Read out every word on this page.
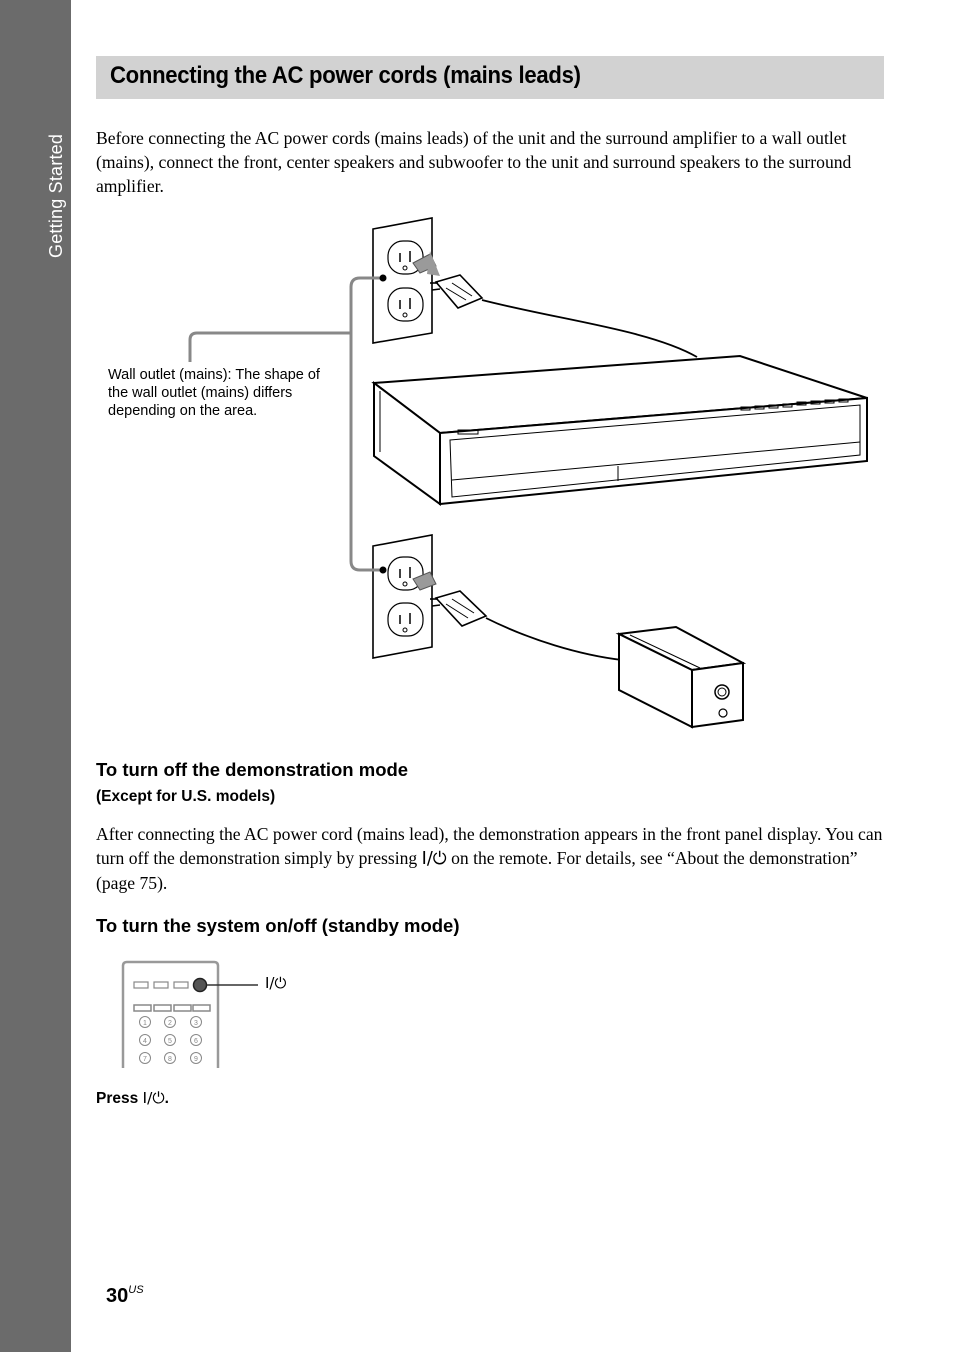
Getting Started
Connecting the AC power cords (mains leads)

Before connecting the AC power cords (mains leads) of the unit and the surround amplifier to a wall outlet (mains), connect the front, center speakers and subwoofer to the unit and surround speakers to the surround amplifier.

Wall outlet (mains): The shape of the wall outlet (mains) differs depending on the area.
To turn off the demonstration mode
(Except for U.S. models)

After connecting the AC power cord (mains lead), the demonstration appears in the front panel display. You can turn off the demonstration simply by pressing I/⏻ on the remote. For details, see “About the demonstration” (page 75).

To turn the system on/off (standby mode)
1	2	3
4	5	6
7	8	9
I/⏻
Press I/⏻.
$30^{US}$
